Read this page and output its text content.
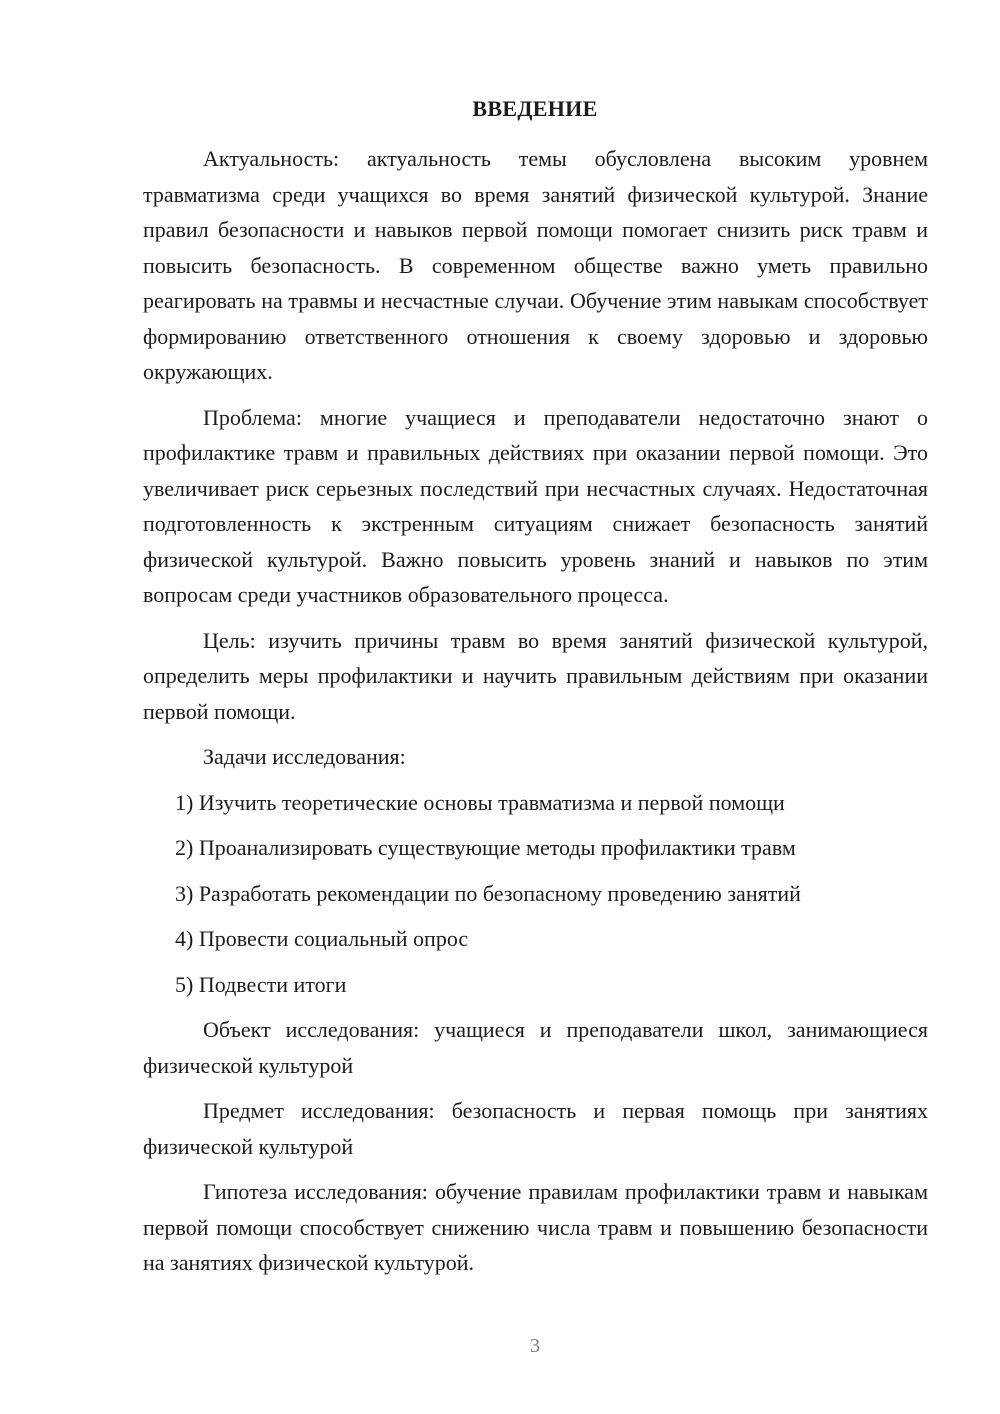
ВВЕДЕНИЕ

Актуальность: актуальность темы обусловлена высоким уровнем травматизма среди учащихся во время занятий физической культурой. Знание правил безопасности и навыков первой помощи помогает снизить риск травм и повысить безопасность. В современном обществе важно уметь правильно реагировать на травмы и несчастные случаи. Обучение этим навыкам способствует формированию ответственного отношения к своему здоровью и здоровью окружающих.

Проблема: многие учащиеся и преподаватели недостаточно знают о профилактике травм и правильных действиях при оказании первой помощи. Это увеличивает риск серьезных последствий при несчастных случаях. Недостаточная подготовленность к экстренным ситуациям снижает безопасность занятий физической культурой. Важно повысить уровень знаний и навыков по этим вопросам среди участников образовательного процесса.

Цель: изучить причины травм во время занятий физической культурой, определить меры профилактики и научить правильным действиям при оказании первой помощи.

Задачи исследования:

1) Изучить теоретические основы травматизма и первой помощи
2) Проанализировать существующие методы профилактики травм
3) Разработать рекомендации по безопасному проведению занятий
4) Провести социальный опрос
5) Подвести итоги

Объект исследования: учащиеся и преподаватели школ, занимающиеся физической культурой

Предмет исследования: безопасность и первая помощь при занятиях физической культурой

Гипотеза исследования: обучение правилам профилактики травм и навыкам первой помощи способствует снижению числа травм и повышению безопасности на занятиях физической культурой.

3
